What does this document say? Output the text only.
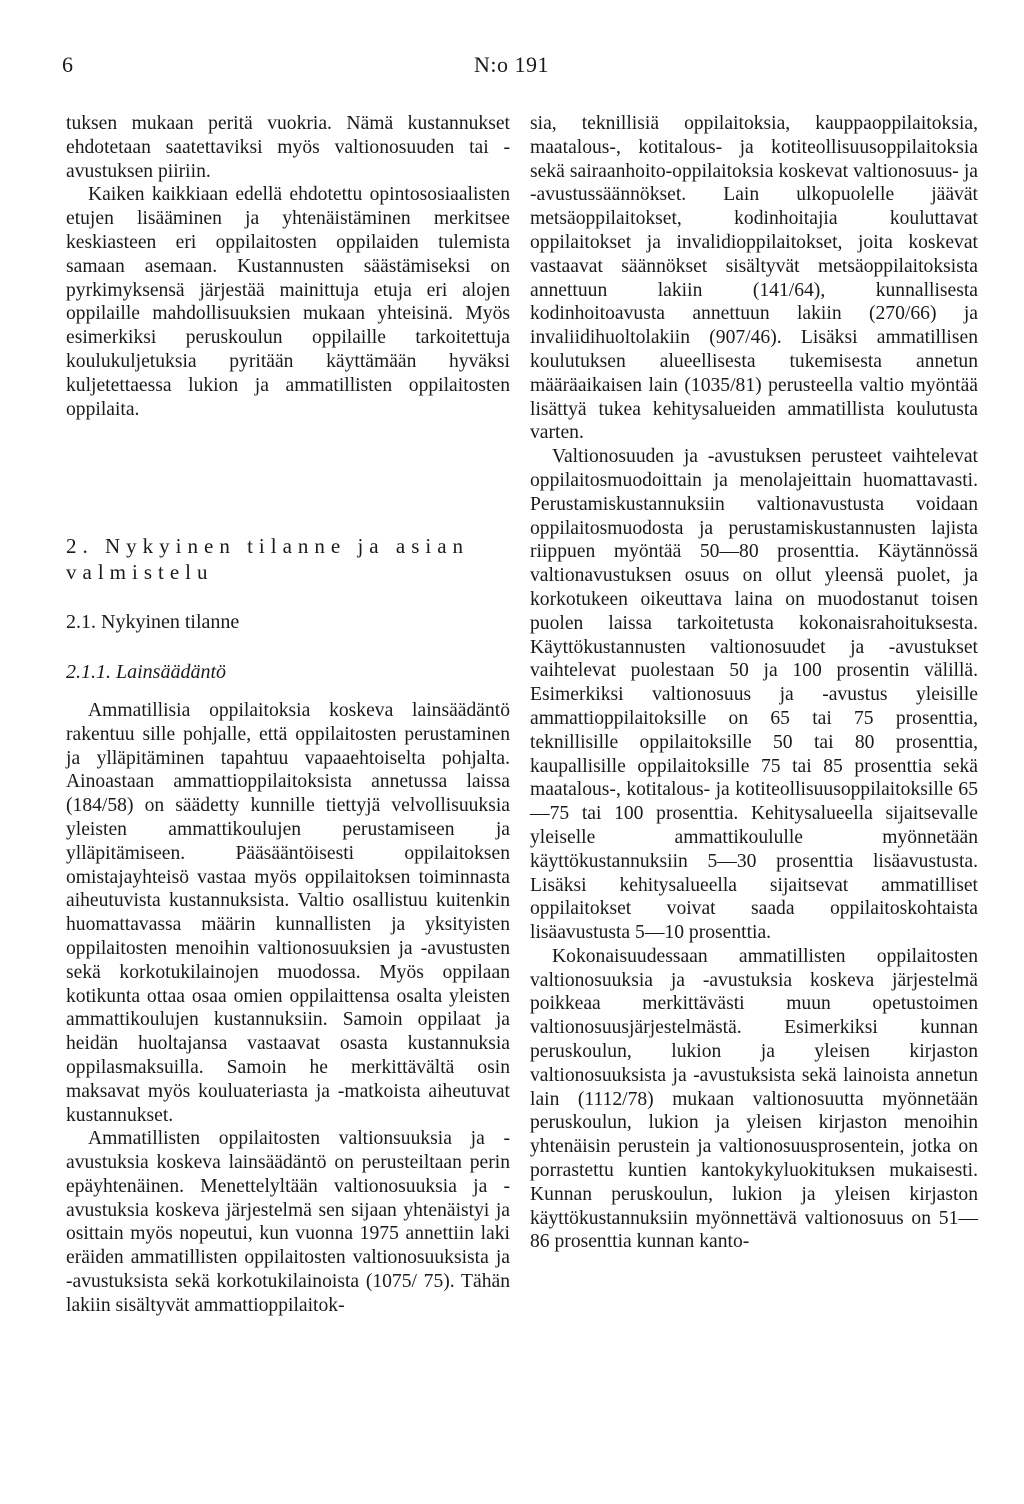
6	N:o 191

tuksen mukaan peritä vuokria. Nämä kustannukset ehdotetaan saatettaviksi myös valtionosuuden tai -avustuksen piiriin.

Kaiken kaikkiaan edellä ehdotettu opintososiaalisten etujen lisääminen ja yhtenäistäminen merkitsee keskiasteen eri oppilaitosten oppilaiden tulemista samaan asemaan. Kustannusten säästämiseksi on pyrkimyksensä järjestää mainittuja etuja eri alojen oppilaille mahdollisuuksien mukaan yhteisinä. Myös esimerkiksi peruskoulun oppilaille tarkoitettuja koulukuljetuksia pyritään käyttämään hyväksi kuljetettaessa lukion ja ammatillisten oppilaitosten oppilaita.

2. Nykyinen tilanne ja asian valmistelu

2.1. Nykyinen tilanne

2.1.1. Lainsäädäntö

Ammatillisia oppilaitoksia koskeva lainsäädäntö rakentuu sille pohjalle, että oppilaitosten perustaminen ja ylläpitäminen tapahtuu vapaaehtoiselta pohjalta. Ainoastaan ammattioppilaitoksista annetussa laissa (184/58) on säädetty kunnille tiettyjä velvollisuuksia yleisten ammattikoulujen perustamiseen ja ylläpitämiseen. Pääsääntöisesti oppilaitoksen omistajayhteisö vastaa myös oppilaitoksen toiminnasta aiheutuvista kustannuksista. Valtio osallistuu kuitenkin huomattavassa määrin kunnallisten ja yksityisten oppilaitosten menoihin valtionosuuksien ja -avustusten sekä korkotukilainojen muodossa. Myös oppilaan kotikunta ottaa osaa omien oppilaittensa osalta yleisten ammattikoulujen kustannuksiin. Samoin oppilaat ja heidän huoltajansa vastaavat osasta kustannuksia oppilasmaksuilla. Samoin he merkittävältä osin maksavat myös kouluateriasta ja -matkoista aiheutuvat kustannukset.

Ammatillisten oppilaitosten valtionsuuksia ja -avustuksia koskeva lainsäädäntö on perusteiltaan perin epäyhtenäinen. Menettelyltään valtionosuuksia ja -avustuksia koskeva järjestelmä sen sijaan yhtenäistyi ja osittain myös nopeutui, kun vuonna 1975 annettiin laki eräiden ammatillisten oppilaitosten valtionosuuksista ja -avustuksista sekä korkotukilainoista (1075/ 75). Tähän lakiin sisältyvät ammattioppilaitok-

sia, teknillisiä oppilaitoksia, kauppaoppilaitoksia, maatalous-, kotitalous- ja kotiteollisuusoppilaitoksia sekä sairaanhoito-oppilaitoksia koskevat valtionosuus- ja -avustussäännökset. Lain ulkopuolelle jäävät metsäoppilaitokset, kodinhoitajia kouluttavat oppilaitokset ja invalidioppilaitokset, joita koskevat vastaavat säännökset sisältyvät metsäoppilaitoksista annettuun lakiin (141/64), kunnallisesta kodinhoitoavusta annettuun lakiin (270/66) ja invaliidihuoltolakiin (907/46). Lisäksi ammatillisen koulutuksen alueellisesta tukemisesta annetun määräaikaisen lain (1035/81) perusteella valtio myöntää lisättyä tukea kehitysalueiden ammatillista koulutusta varten.

Valtionosuuden ja -avustuksen perusteet vaihtelevat oppilaitosmuodoittain ja menolajeittain huomattavasti. Perustamiskustannuksiin valtionavustusta voidaan oppilaitosmuodosta ja perustamiskustannusten lajista riippuen myöntää 50—80 prosenttia. Käytännössä valtionavustuksen osuus on ollut yleensä puolet, ja korkotukeen oikeuttava laina on muodostanut toisen puolen laissa tarkoitetusta kokonaisrahoituksesta. Käyttökustannusten valtionosuudet ja -avustukset vaihtelevat puolestaan 50 ja 100 prosentin välillä. Esimerkiksi valtionosuus ja -avustus yleisille ammattioppilaitoksille on 65 tai 75 prosenttia, teknillisille oppilaitoksille 50 tai 80 prosenttia, kaupallisille oppilaitoksille 75 tai 85 prosenttia sekä maatalous-, kotitalous- ja kotiteollisuusoppilaitoksille 65—75 tai 100 prosenttia. Kehitysalueella sijaitsevalle yleiselle ammattikoululle myönnetään käyttökustannuksiin 5—30 prosenttia lisäavustusta. Lisäksi kehitysalueella sijaitsevat ammatilliset oppilaitokset voivat saada oppilaitoskohtaista lisäavustusta 5—10 prosenttia.

Kokonaisuudessaan ammatillisten oppilaitosten valtionosuuksia ja -avustuksia koskeva järjestelmä poikkeaa merkittävästi muun opetustoimen valtionosuusjärjestelmästä. Esimerkiksi kunnan peruskoulun, lukion ja yleisen kirjaston valtionosuuksista ja -avustuksista sekä lainoista annetun lain (1112/78) mukaan valtionosuutta myönnetään peruskoulun, lukion ja yleisen kirjaston menoihin yhtenäisin perustein ja valtionosuusprosentein, jotka on porrastettu kuntien kantokykyluokituksen mukaisesti. Kunnan peruskoulun, lukion ja yleisen kirjaston käyttökustannuksiin myönnettävä valtionosuus on 51—86 prosenttia kunnan kanto-
